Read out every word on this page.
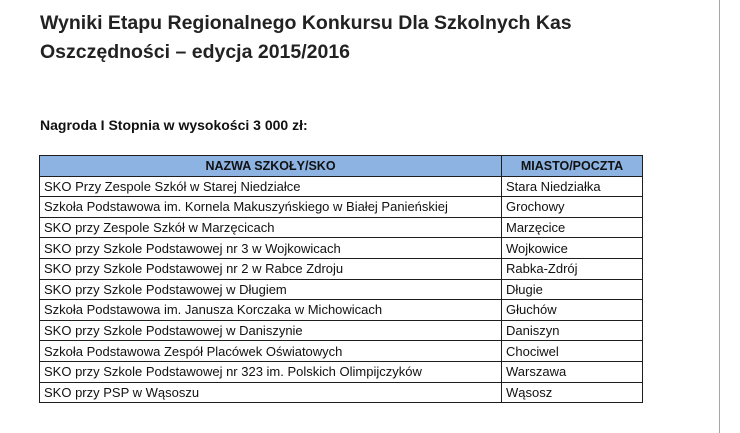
Wyniki Etapu Regionalnego Konkursu Dla Szkolnych Kas
Oszczędności – edycja 2015/2016

Nagroda I Stopnia w wysokości 3 000 zł:

NAZWA SZKOŁY/SKO	MIASTO/POCZTA
SKO Przy Zespole Szkół w Starej Niedziałce	Stara Niedziałka
Szkoła Podstawowa im. Kornela Makuszyńskiego w Białej Panieńskiej	Grochowy
SKO przy Zespole Szkół w Marzęcicach	Marzęcice
SKO przy Szkole Podstawowej nr 3 w Wojkowicach	Wojkowice
SKO przy Szkole Podstawowej nr 2 w Rabce Zdroju	Rabka-Zdrój
SKO przy Szkole Podstawowej w Długiem	Długie
Szkoła Podstawowa im. Janusza Korczaka w Michowicach	Głuchów
SKO przy Szkole Podstawowej w Daniszynie	Daniszyn
Szkoła Podstawowa Zespół Placówek Oświatowych	Chociwel
SKO przy Szkole Podstawowej nr 323 im. Polskich Olimpijczyków	Warszawa
SKO przy PSP w Wąsoszu	Wąsosz
